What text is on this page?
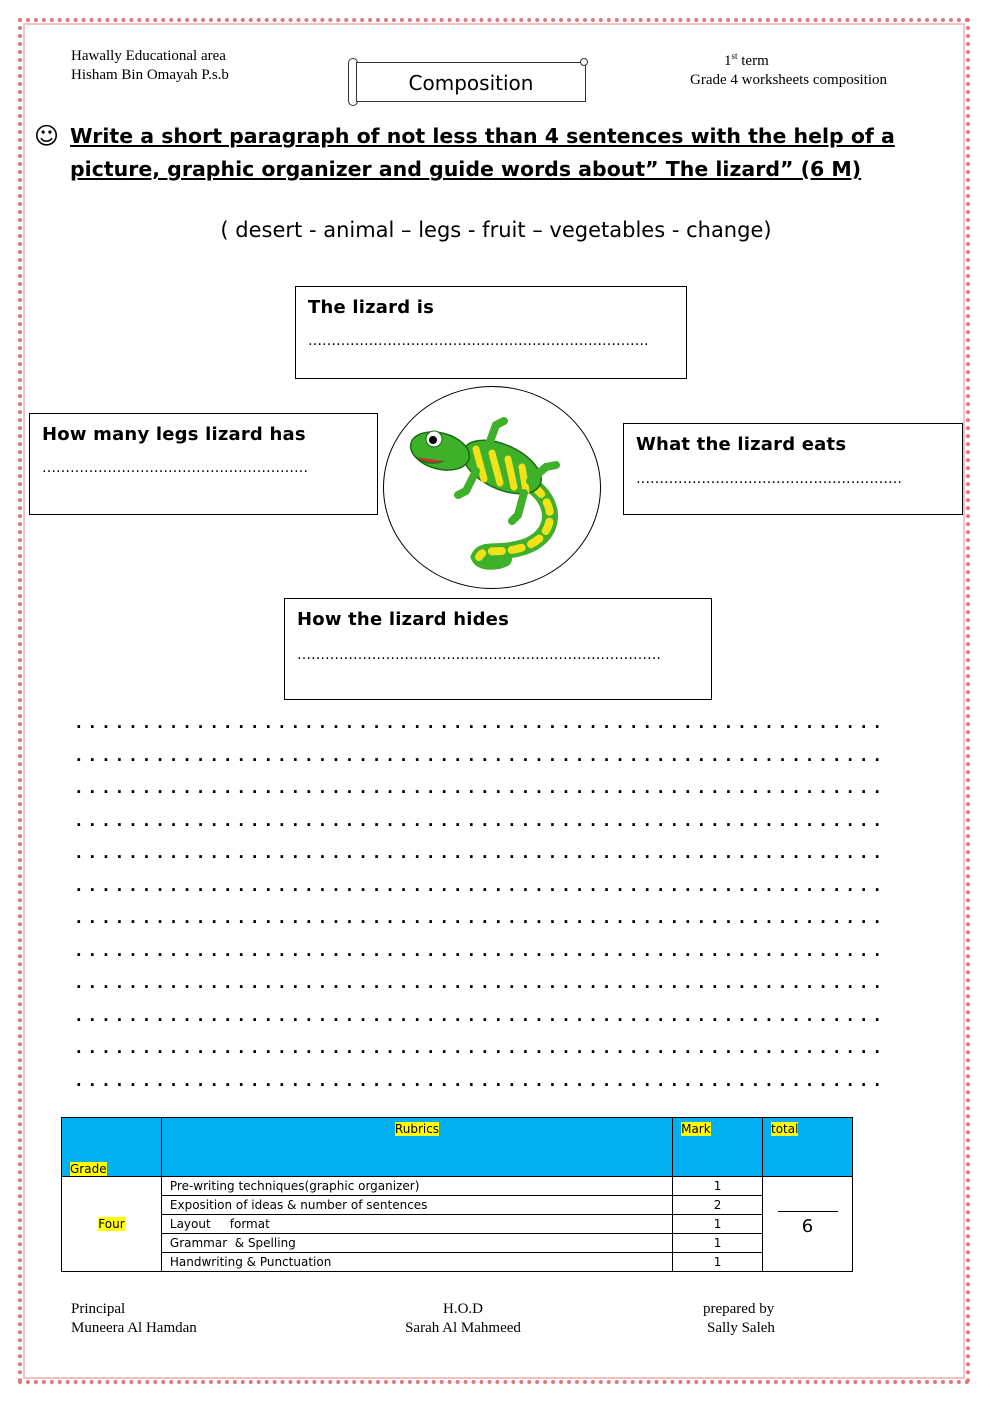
Hawally Educational area
Hisham Bin Omayah P.s.b
1st term
Grade 4 worksheets composition
Composition
☺ Write a short paragraph of not less than 4 sentences with the help of a
picture, graphic organizer and guide words about” The lizard” (6 M)
( desert - animal – legs - fruit – vegetables - change)
The lizard is
……………………………………………………………….
How many legs lizard has
…………………………………………………
What the lizard eats
…………………………………………………
How the lizard hides
……………………………………………………………………
............................................................
............................................................
............................................................
............................................................
............................................................
............................................................
............................................................
............................................................
............................................................
............................................................
............................................................
............................................................
Grade	Rubrics	Mark	total
Four	Pre-writing techniques(graphic organizer)	1	6

	Exposition of ideas & number of sentences	2	
	Layout     format	1	
	Grammar  & Spelling	1	
	Handwriting & Punctuation	1	
Principal
Muneera Al Hamdan
H.O.D
Sarah Al Mahmeed
prepared by
Sally Saleh
